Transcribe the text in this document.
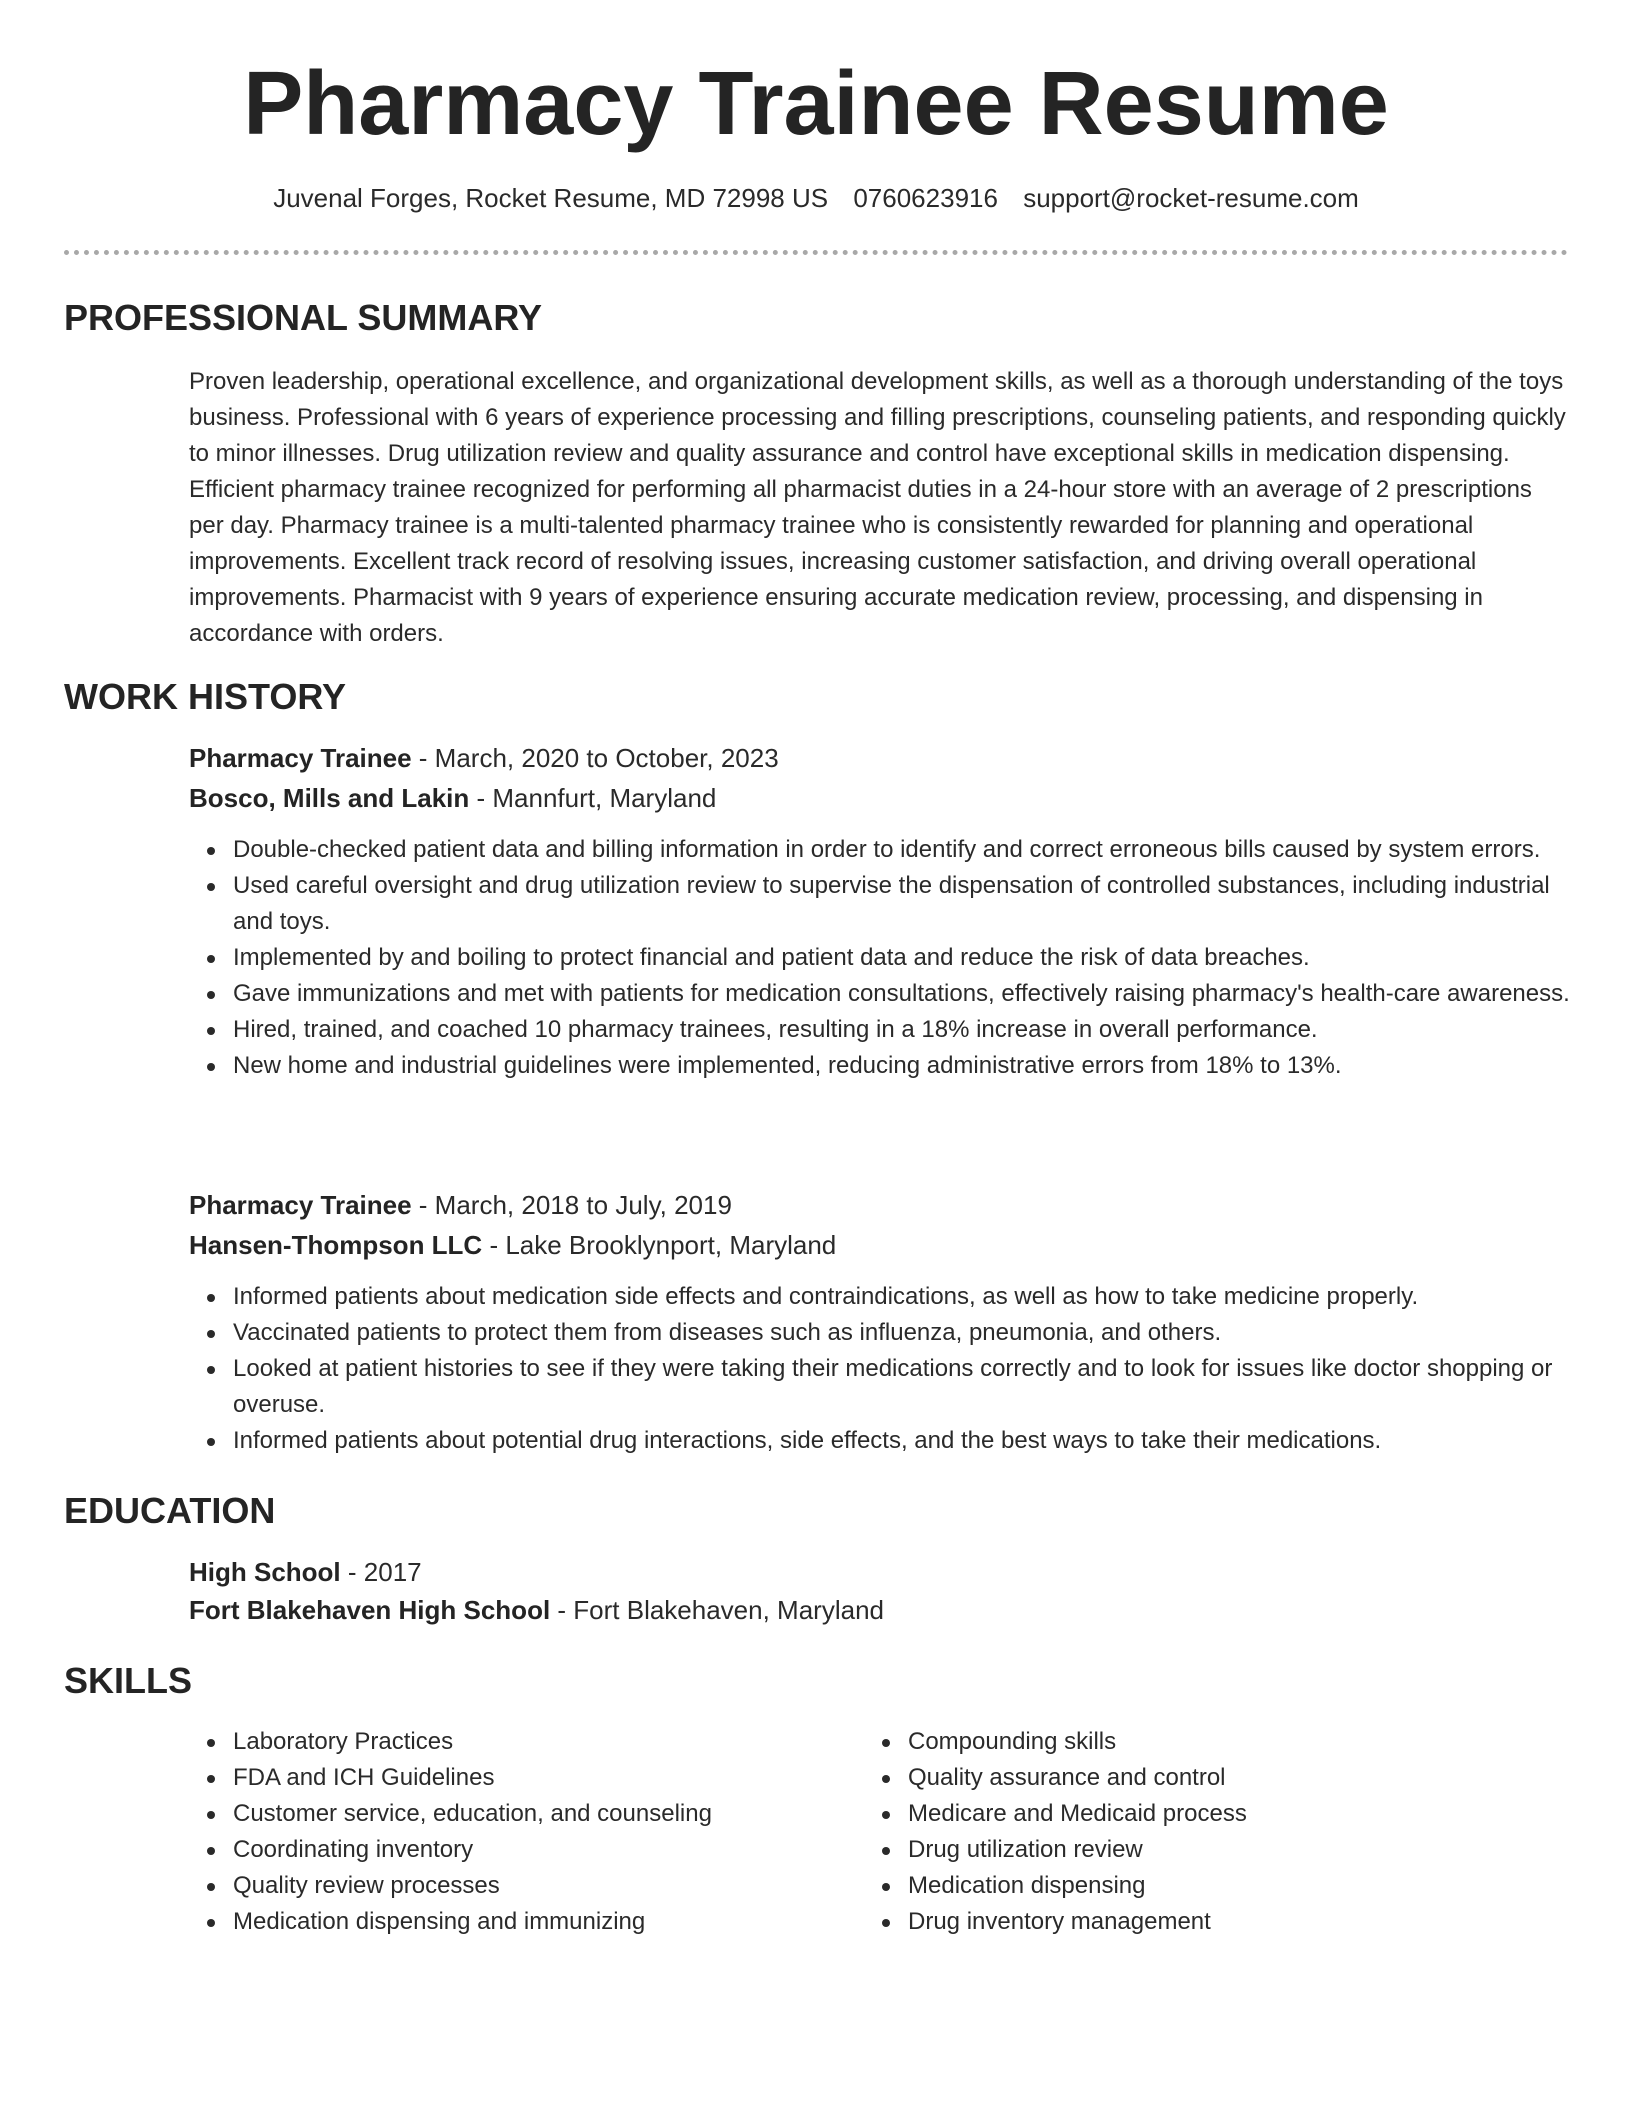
Pharmacy Trainee Resume
Juvenal Forges, Rocket Resume, MD 72998 US 0760623916 support@rocket-resume.com
PROFESSIONAL SUMMARY

Proven leadership, operational excellence, and organizational development skills, as well as a thorough understanding of the toys business. Professional with 6 years of experience processing and filling prescriptions, counseling patients, and responding quickly to minor illnesses. Drug utilization review and quality assurance and control have exceptional skills in medication dispensing. Efficient pharmacy trainee recognized for performing all pharmacist duties in a 24-hour store with an average of 2 prescriptions per day. Pharmacy trainee is a multi-talented pharmacy trainee who is consistently rewarded for planning and operational improvements. Excellent track record of resolving issues, increasing customer satisfaction, and driving overall operational improvements. Pharmacist with 9 years of experience ensuring accurate medication review, processing, and dispensing in accordance with orders.

WORK HISTORY
Pharmacy Trainee - March, 2020 to October, 2023
Bosco, Mills and Lakin - Mannfurt, Maryland
Double-checked patient data and billing information in order to identify and correct erroneous bills caused by system errors.
Used careful oversight and drug utilization review to supervise the dispensation of controlled substances, including industrial and toys.
Implemented by and boiling to protect financial and patient data and reduce the risk of data breaches.
Gave immunizations and met with patients for medication consultations, effectively raising pharmacy's health-care awareness.
Hired, trained, and coached 10 pharmacy trainees, resulting in a 18% increase in overall performance.
New home and industrial guidelines were implemented, reducing administrative errors from 18% to 13%.
Pharmacy Trainee - March, 2018 to July, 2019
Hansen-Thompson LLC - Lake Brooklynport, Maryland
Informed patients about medication side effects and contraindications, as well as how to take medicine properly.
Vaccinated patients to protect them from diseases such as influenza, pneumonia, and others.
Looked at patient histories to see if they were taking their medications correctly and to look for issues like doctor shopping or overuse.
Informed patients about potential drug interactions, side effects, and the best ways to take their medications.
EDUCATION
High School - 2017
Fort Blakehaven High School - Fort Blakehaven, Maryland
SKILLS
Laboratory Practices
FDA and ICH Guidelines
Customer service, education, and counseling
Coordinating inventory
Quality review processes
Medication dispensing and immunizing
Compounding skills
Quality assurance and control
Medicare and Medicaid process
Drug utilization review
Medication dispensing
Drug inventory management
